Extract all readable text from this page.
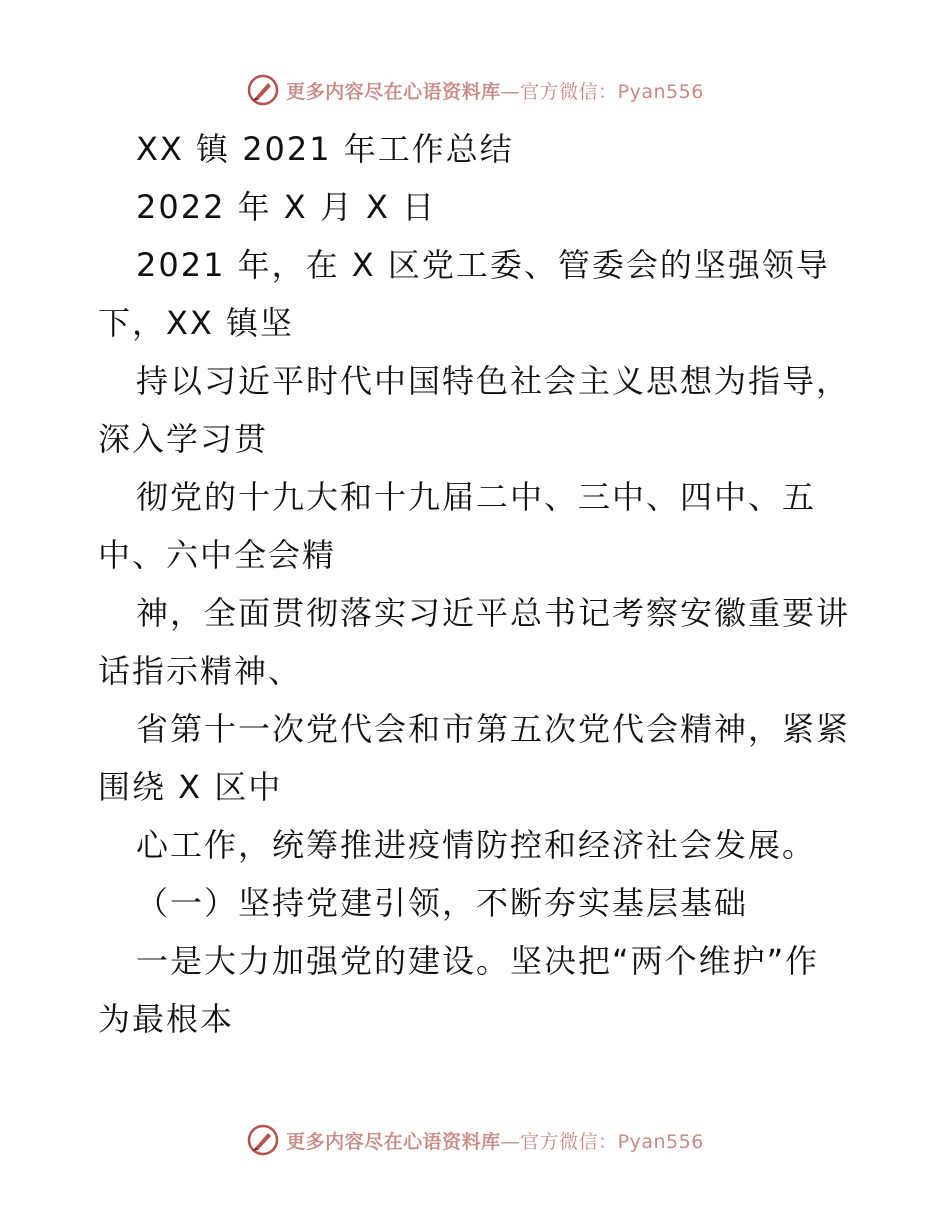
更多内容尽在心语资料库—官方微信：Pyan556
XX 镇 2021 年工作总结
2022 年 X 月 X 日
2021 年，在 X 区党工委、管委会的坚强领导
下，XX 镇坚
持以习近平时代中国特色社会主义思想为指导，
深入学习贯
彻党的十九大和十九届二中、三中、四中、五
中、六中全会精
神，全面贯彻落实习近平总书记考察安徽重要讲
话指示精神、
省第十一次党代会和市第五次党代会精神，紧紧
围绕 X 区中
心工作，统筹推进疫情防控和经济社会发展。
（一）坚持党建引领，不断夯实基层基础
一是大力加强党的建设。坚决把“两个维护”作
为最根本
更多内容尽在心语资料库—官方微信：Pyan556
